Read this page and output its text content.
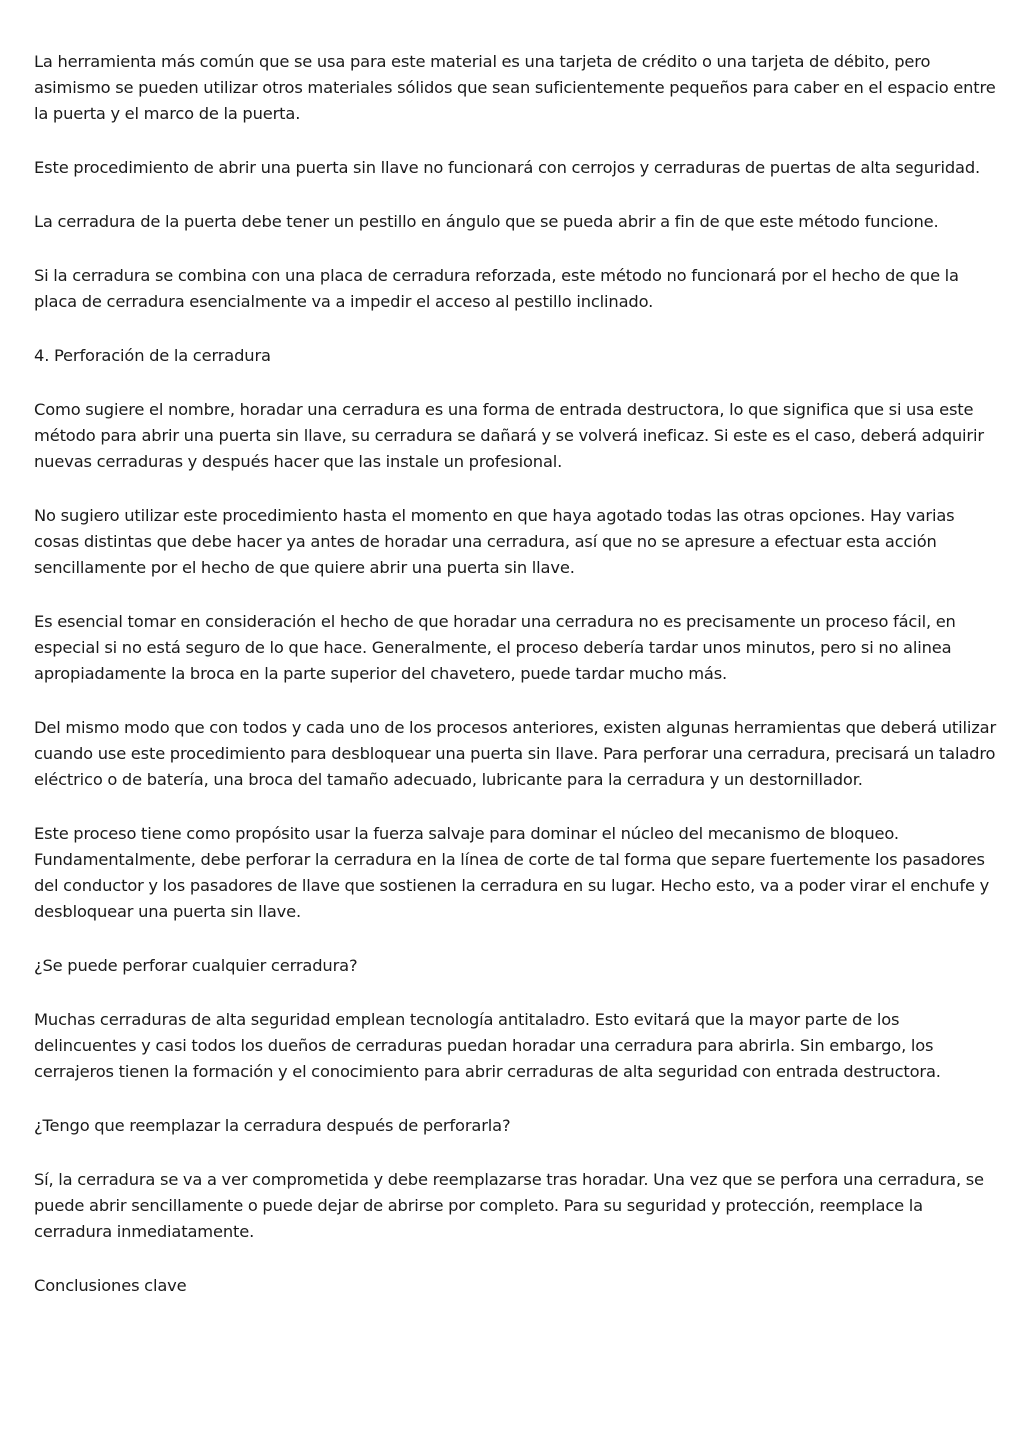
La herramienta más común que se usa para este material es una tarjeta de crédito o una tarjeta de débito, pero asimismo se pueden utilizar otros materiales sólidos que sean suficientemente pequeños para caber en el espacio entre la puerta y el marco de la puerta.

Este procedimiento de abrir una puerta sin llave no funcionará con cerrojos y cerraduras de puertas de alta seguridad.

La cerradura de la puerta debe tener un pestillo en ángulo que se pueda abrir a fin de que este método funcione.

Si la cerradura se combina con una placa de cerradura reforzada, este método no funcionará por el hecho de que la placa de cerradura esencialmente va a impedir el acceso al pestillo inclinado.

4. Perforación de la cerradura

Como sugiere el nombre, horadar una cerradura es una forma de entrada destructora, lo que significa que si usa este método para abrir una puerta sin llave, su cerradura se dañará y se volverá ineficaz. Si este es el caso, deberá adquirir nuevas cerraduras y después hacer que las instale un profesional.

No sugiero utilizar este procedimiento hasta el momento en que haya agotado todas las otras opciones. Hay varias cosas distintas que debe hacer ya antes de horadar una cerradura, así que no se apresure a efectuar esta acción sencillamente por el hecho de que quiere abrir una puerta sin llave.

Es esencial tomar en consideración el hecho de que horadar una cerradura no es precisamente un proceso fácil, en especial si no está seguro de lo que hace. Generalmente, el proceso debería tardar unos minutos, pero si no alinea apropiadamente la broca en la parte superior del chavetero, puede tardar mucho más.

Del mismo modo que con todos y cada uno de los procesos anteriores, existen algunas herramientas que deberá utilizar cuando use este procedimiento para desbloquear una puerta sin llave. Para perforar una cerradura, precisará un taladro eléctrico o de batería, una broca del tamaño adecuado, lubricante para la cerradura y un destornillador.

Este proceso tiene como propósito usar la fuerza salvaje para dominar el núcleo del mecanismo de bloqueo. Fundamentalmente, debe perforar la cerradura en la línea de corte de tal forma que separe fuertemente los pasadores del conductor y los pasadores de llave que sostienen la cerradura en su lugar. Hecho esto, va a poder virar el enchufe y desbloquear una puerta sin llave.

¿Se puede perforar cualquier cerradura?

Muchas cerraduras de alta seguridad emplean tecnología antitaladro. Esto evitará que la mayor parte de los delincuentes y casi todos los dueños de cerraduras puedan horadar una cerradura para abrirla. Sin embargo, los cerrajeros tienen la formación y el conocimiento para abrir cerraduras de alta seguridad con entrada destructora.

¿Tengo que reemplazar la cerradura después de perforarla?

Sí, la cerradura se va a ver comprometida y debe reemplazarse tras horadar. Una vez que se perfora una cerradura, se puede abrir sencillamente o puede dejar de abrirse por completo. Para su seguridad y protección, reemplace la cerradura inmediatamente.

Conclusiones clave
